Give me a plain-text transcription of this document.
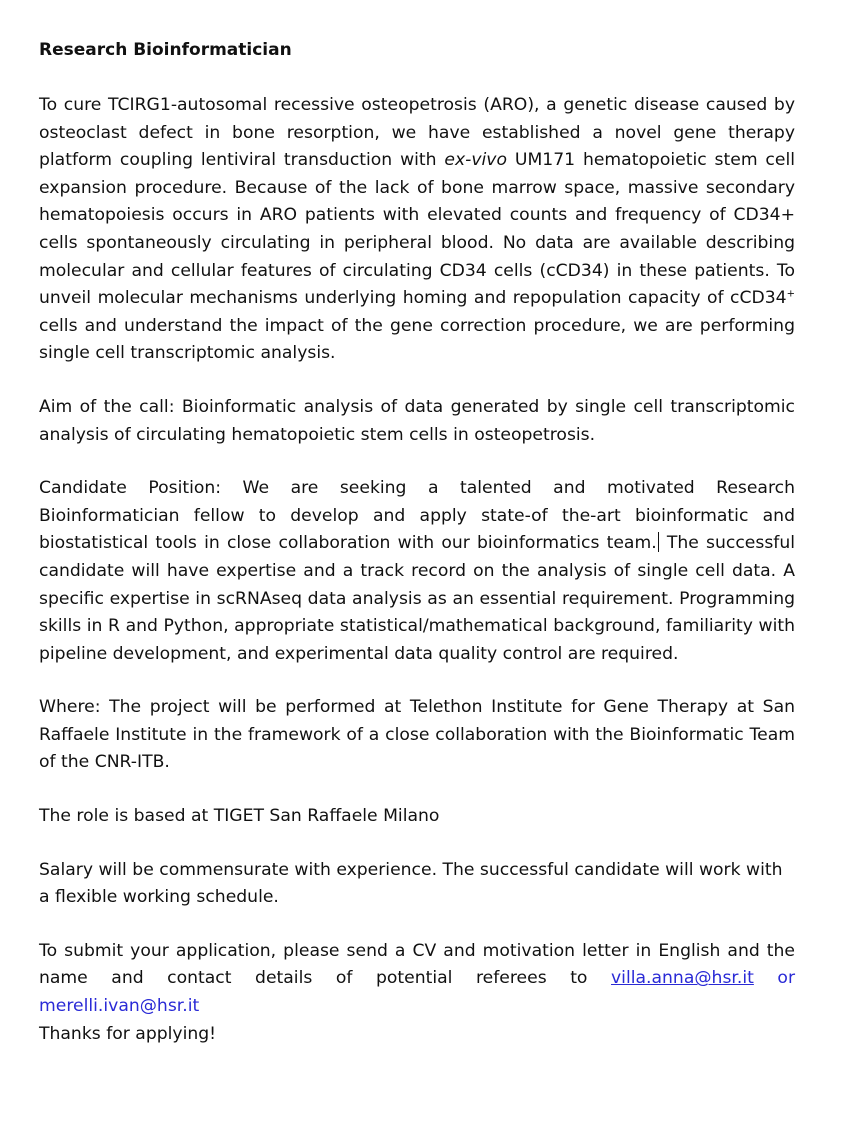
Research Bioinformatician

To cure TCIRG1-autosomal recessive osteopetrosis (ARO), a genetic disease caused by osteoclast defect in bone resorption, we have established a novel gene therapy platform coupling lentiviral transduction with ex-vivo UM171 hematopoietic stem cell expansion procedure. Because of the lack of bone marrow space, massive secondary hematopoiesis occurs in ARO patients with elevated counts and frequency of CD34+ cells spontaneously circulating in peripheral blood. No data are available describing molecular and cellular features of circulating CD34 cells (cCD34) in these patients. To unveil molecular mechanisms underlying homing and repopulation capacity of cCD34+ cells and understand the impact of the gene correction procedure, we are performing single cell transcriptomic analysis.

Aim of the call: Bioinformatic analysis of data generated by single cell transcriptomic analysis of circulating hematopoietic stem cells in osteopetrosis.

Candidate Position: We are seeking a talented and motivated Research Bioinformatician fellow to develop and apply state-of the-art bioinformatic and biostatistical tools in close collaboration with our bioinformatics team. The successful candidate will have expertise and a track record on the analysis of single cell data. A specific expertise in scRNAseq data analysis as an essential requirement. Programming skills in R and Python, appropriate statistical/mathematical background, familiarity with pipeline development, and experimental data quality control are required.

Where: The project will be performed at Telethon Institute for Gene Therapy at San Raffaele Institute in the framework of a close collaboration with the Bioinformatic Team of the CNR-ITB.

The role is based at TIGET San Raffaele Milano

Salary will be commensurate with experience. The successful candidate will work with a flexible working schedule.

To submit your application, please send a CV and motivation letter in English and the name and contact details of potential referees to villa.anna@hsr.it or merelli.ivan@hsr.it

Thanks for applying!
